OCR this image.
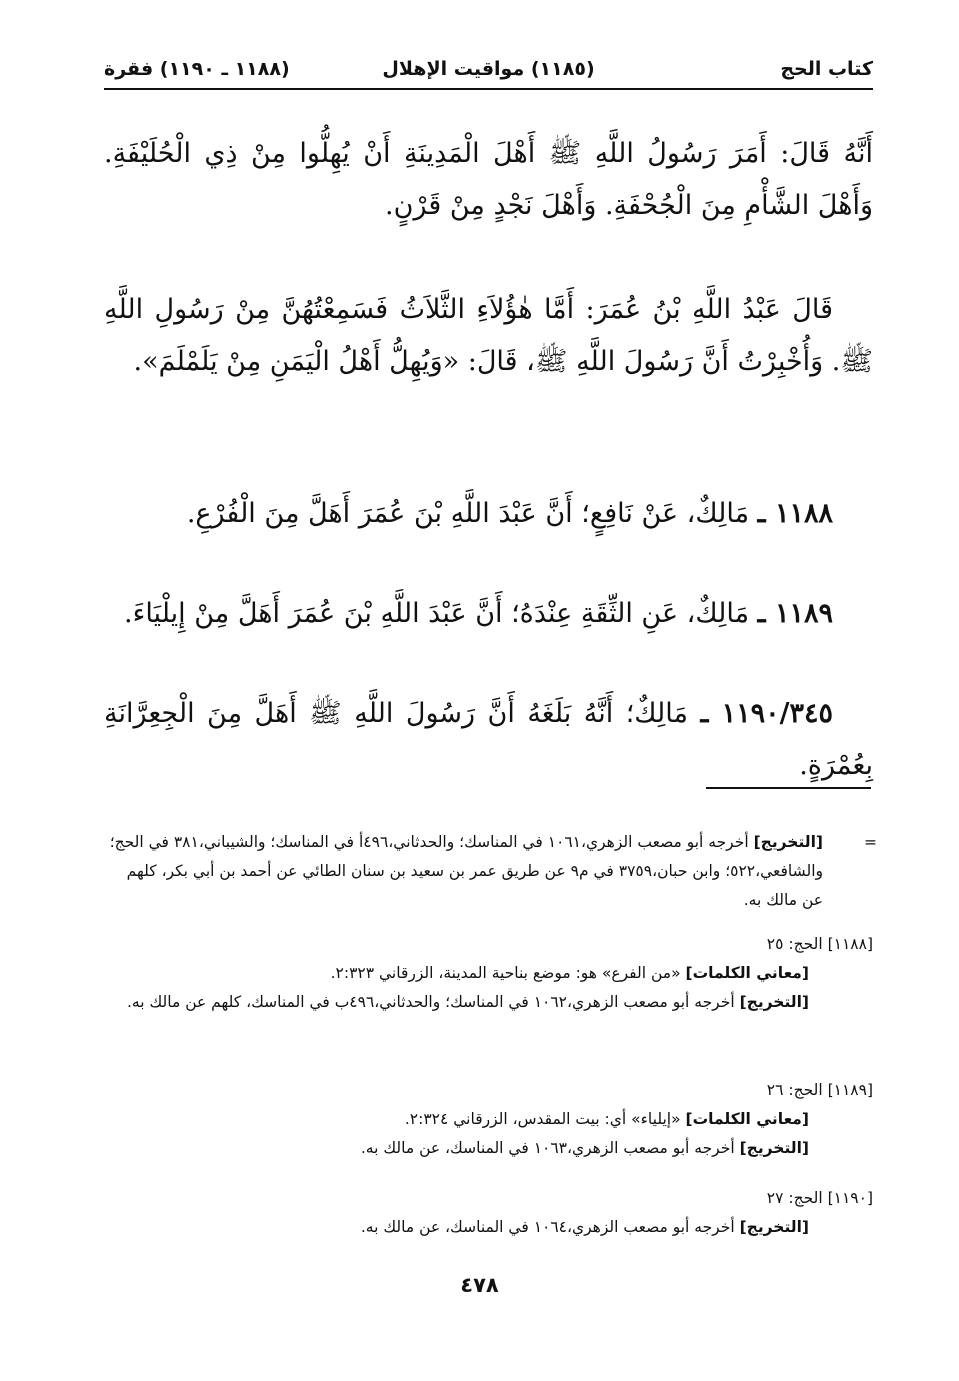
كتاب الحج
(١١٨٥) مواقيت الإهلال
(١١٨٨ ـ ١١٩٠) فقرة

أَنَّهُ قَالَ: أَمَرَ رَسُولُ اللَّهِ ﷺ أَهْلَ الْمَدِينَةِ أَنْ يُهِلُّوا مِنْ ذِي الْحُلَيْفَةِ. وَأَهْلَ الشَّأْمِ مِنَ الْجُحْفَةِ. وَأَهْلَ نَجْدٍ مِنْ قَرْنٍ.

قَالَ عَبْدُ اللَّهِ بْنُ عُمَرَ: أَمَّا هٰؤُلاَءِ الثَّلاَثُ فَسَمِعْتُهُنَّ مِنْ رَسُولِ اللَّهِ ﷺ. وَأُخْبِرْتُ أَنَّ رَسُولَ اللَّهِ ﷺ، قَالَ: «وَيُهِلُّ أَهْلُ الْيَمَنِ مِنْ يَلَمْلَمَ».

١١٨٨ ـ مَالِكٌ، عَنْ نَافِعٍ؛ أَنَّ عَبْدَ اللَّهِ بْنَ عُمَرَ أَهَلَّ مِنَ الْفُرْعِ.

١١٨٩ ـ مَالِكٌ، عَنِ الثِّقَةِ عِنْدَهُ؛ أَنَّ عَبْدَ اللَّهِ بْنَ عُمَرَ أَهَلَّ مِنْ إِيلْيَاءَ.

١١٩٠/٣٤٥ ـ مَالِكٌ؛ أَنَّهُ بَلَغَهُ أَنَّ رَسُولَ اللَّهِ ﷺ أَهَلَّ مِنَ الْجِعِرَّانَةِ بِعُمْرَةٍ.

=

[التخريج] أخرجه أبو مصعب الزهري،١٠٦١ في المناسك؛ والحدثاني،٤٩٦أ في المناسك؛ والشيباني،٣٨١ في الحج؛ والشافعي،٥٢٢؛ وابن حبان،٣٧٥٩ في م٩ عن طريق عمر بن سعيد بن سنان الطائي عن أحمد بن أبي بكر، كلهم عن مالك به.

[١١٨٨] الحج: ٢٥

[معاني الكلمات] «من الفرع» هو: موضع بناحية المدينة، الزرقاني ٢:٣٢٣.

[التخريج] أخرجه أبو مصعب الزهري،١٠٦٢ في المناسك؛ والحدثاني،٤٩٦ب في المناسك، كلهم عن مالك به.

[١١٨٩] الحج: ٢٦

[معاني الكلمات] «إيلياء» أي: بيت المقدس، الزرقاني ٢:٣٢٤.

[التخريج] أخرجه أبو مصعب الزهري،١٠٦٣ في المناسك، عن مالك به.

[١١٩٠] الحج: ٢٧

[التخريج] أخرجه أبو مصعب الزهري،١٠٦٤ في المناسك، عن مالك به.

٤٧٨
